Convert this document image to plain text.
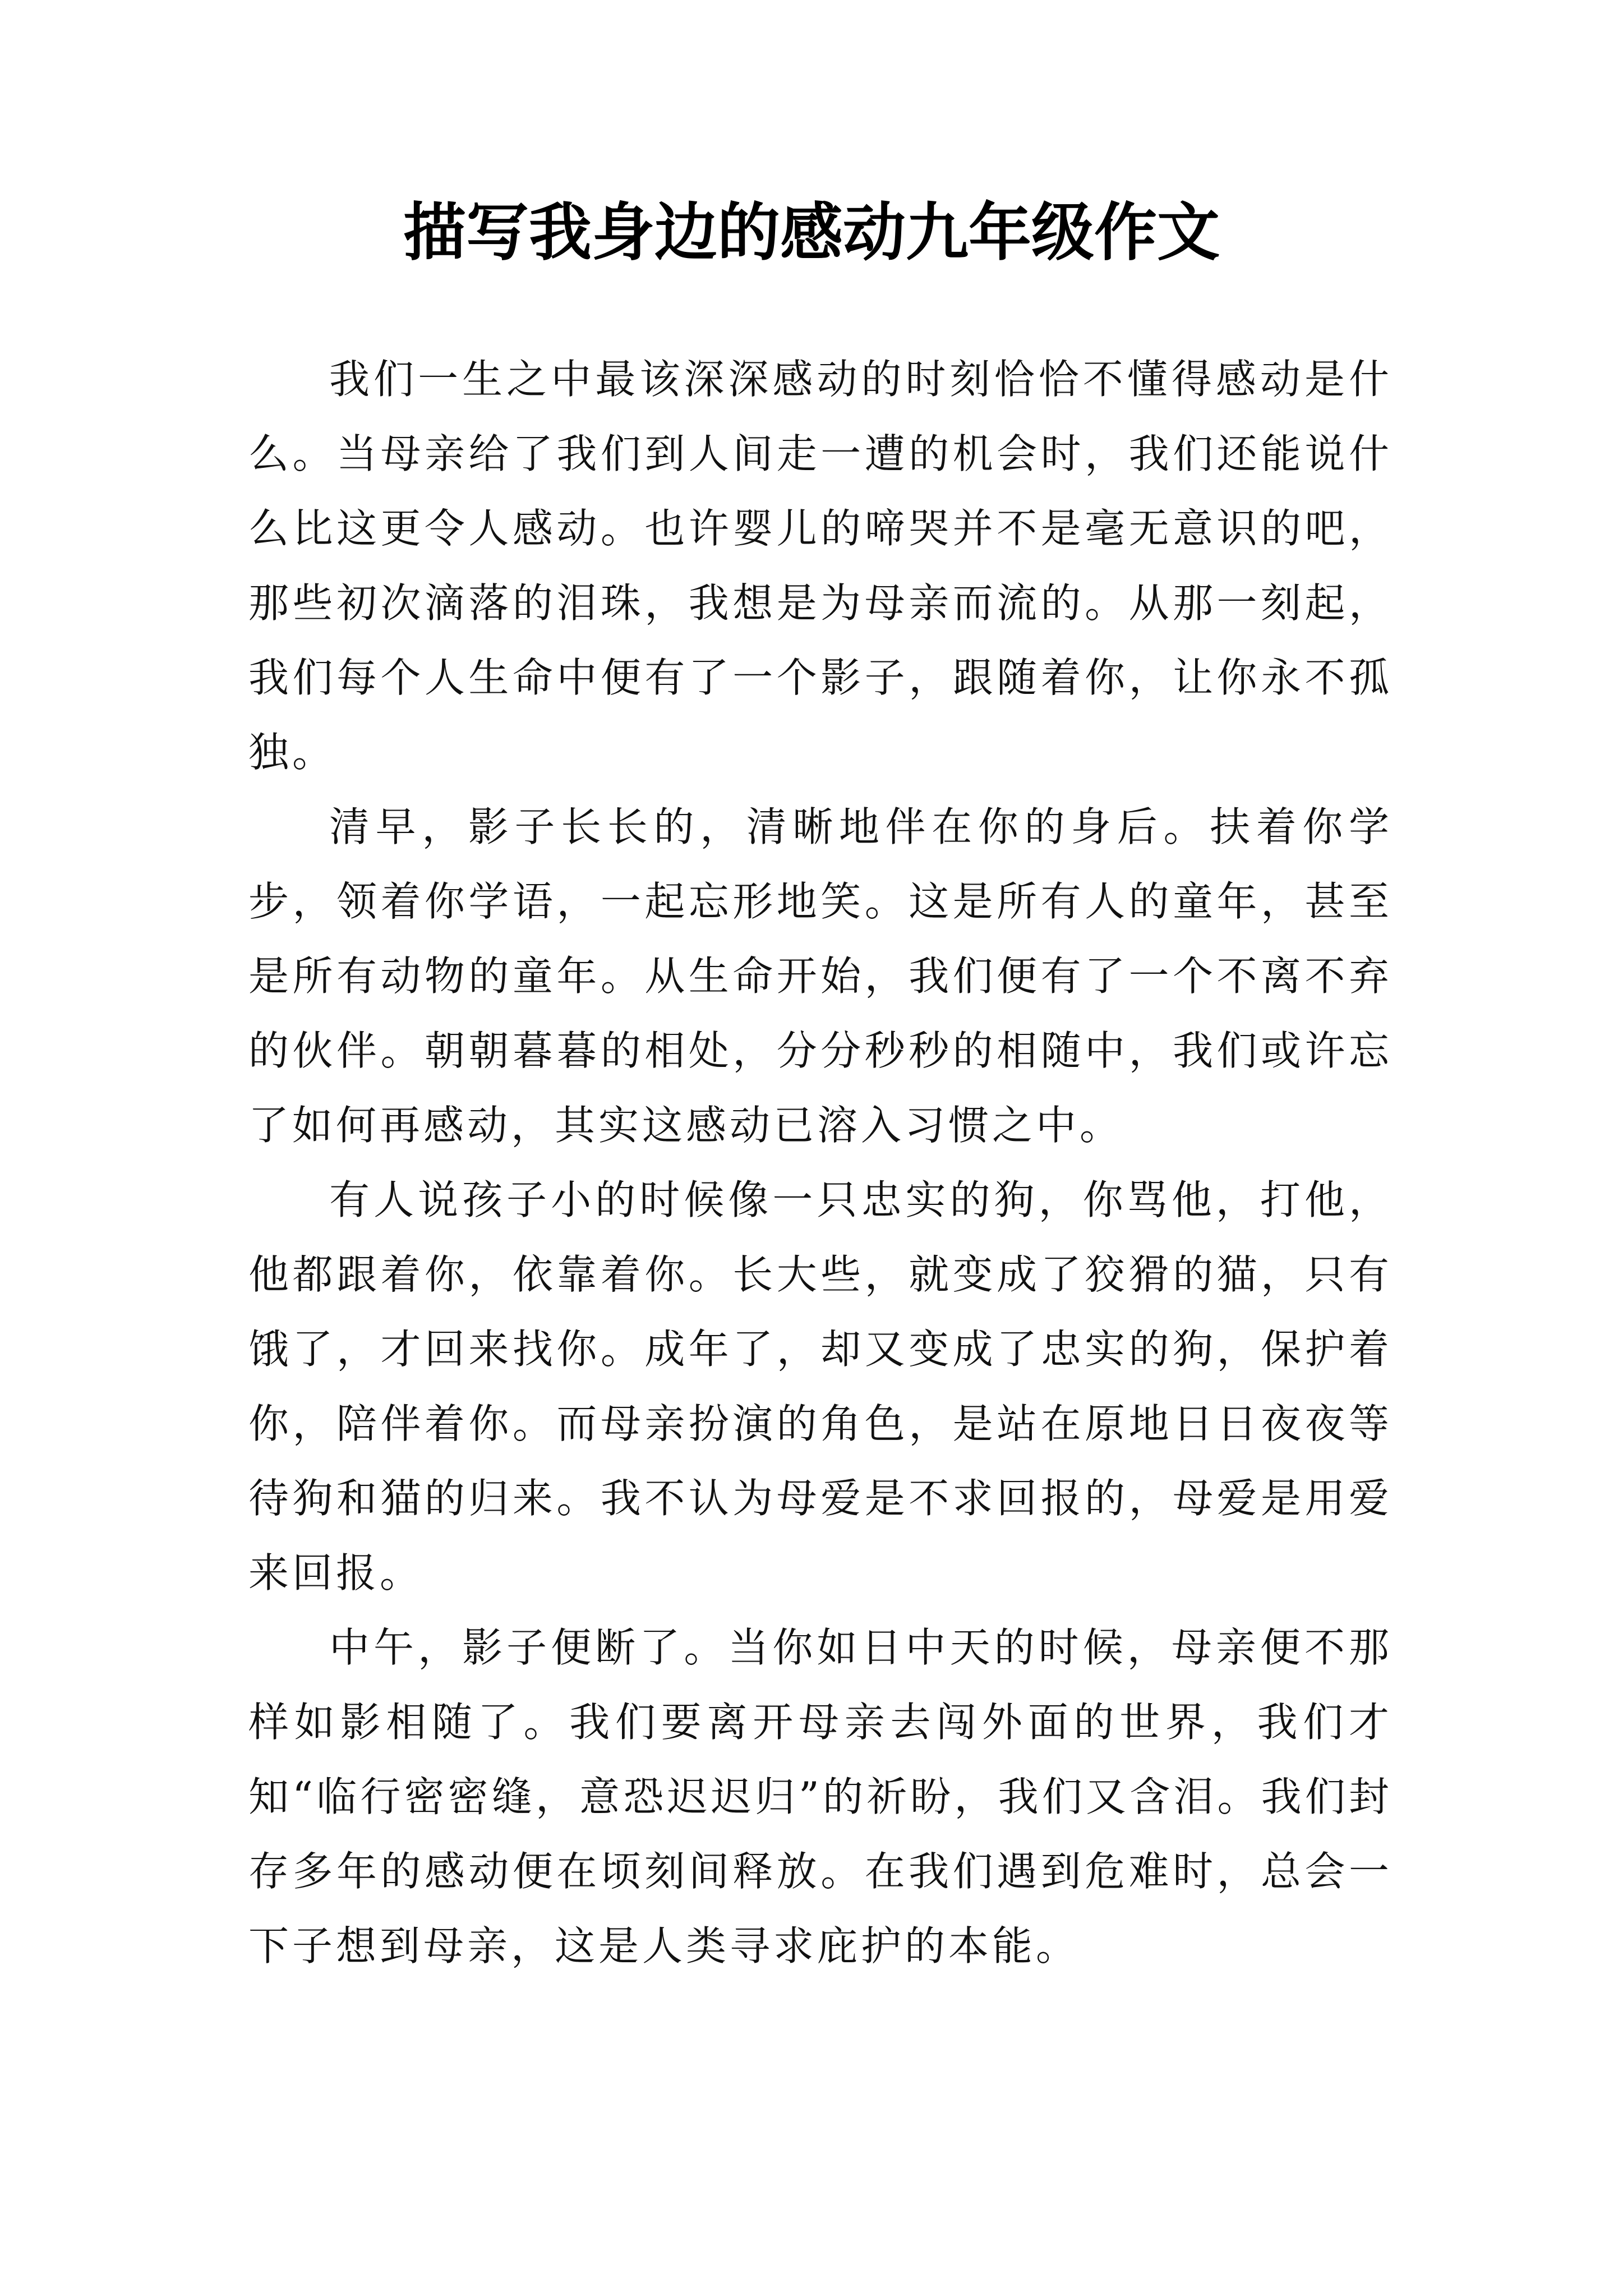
描写我身边的感动九年级作文

我们一生之中最该深深感动的时刻恰恰不懂得感动是什么。当母亲给了我们到人间走一遭的机会时，我们还能说什么比这更令人感动。也许婴儿的啼哭并不是毫无意识的吧，那些初次滴落的泪珠，我想是为母亲而流的。从那一刻起，我们每个人生命中便有了一个影子，跟随着你，让你永不孤独。

清早，影子长长的，清晰地伴在你的身后。扶着你学步，领着你学语，一起忘形地笑。这是所有人的童年，甚至是所有动物的童年。从生命开始，我们便有了一个不离不弃的伙伴。朝朝暮暮的相处，分分秒秒的相随中，我们或许忘了如何再感动，其实这感动已溶入习惯之中。

有人说孩子小的时候像一只忠实的狗，你骂他，打他，他都跟着你，依靠着你。长大些，就变成了狡猾的猫，只有饿了，才回来找你。成年了，却又变成了忠实的狗，保护着你，陪伴着你。而母亲扮演的角色，是站在原地日日夜夜等待狗和猫的归来。我不认为母爱是不求回报的，母爱是用爱来回报。

中午，影子便断了。当你如日中天的时候，母亲便不那样如影相随了。我们要离开母亲去闯外面的世界，我们才知“临行密密缝，意恐迟迟归”的祈盼，我们又含泪。我们封存多年的感动便在顷刻间释放。在我们遇到危难时，总会一下子想到母亲，这是人类寻求庇护的本能。
